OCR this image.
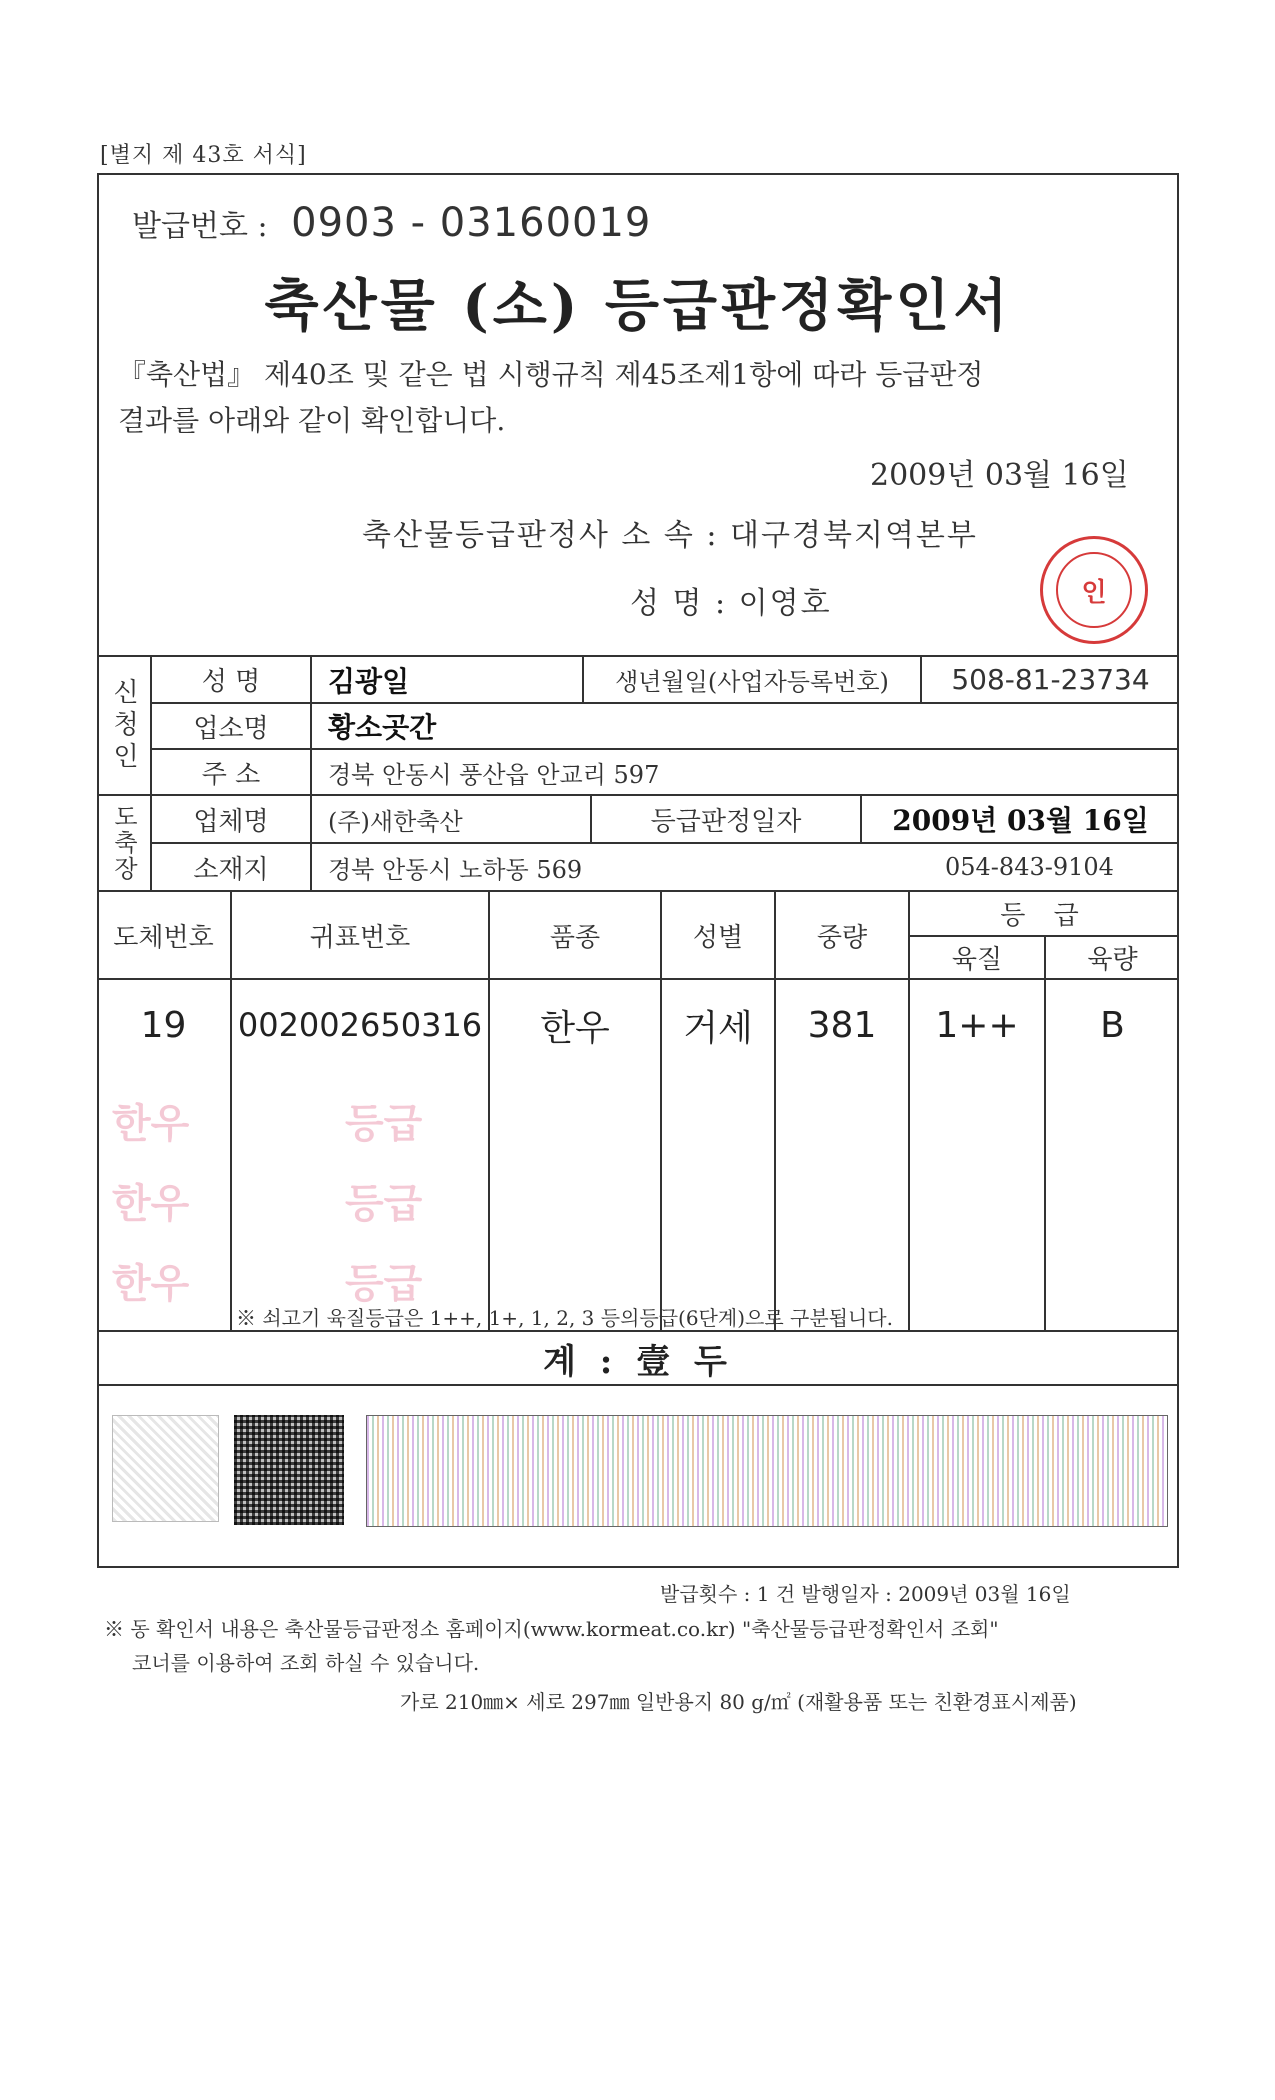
[별지 제 43호 서식]
발급번호 : 0903 - 03160019
축산물 (소) 등급판정확인서
『축산법』 제40조 및 같은 법 시행규칙 제45조제1항에 따라 등급판정
결과를 아래와 같이 확인합니다.
2009년 03월 16일
축산물등급판정사 소 속 : 대구경북지역본부
성 명 : 이영호	인
신청인	성 명	김광일	생년월일(사업자등록번호)	508-81-23734
업소명	황소곳간
주 소	경북 안동시 풍산읍 안교리 597
도축장	업체명	(주)새한축산	등급판정일자	2009년 03월 16일
소재지	경북 안동시 노하동 569	054-843-9104
도체번호	귀표번호	품종	성별	중량
등 급
육질	육량
19	002002650316	한우	거세	381	1++	B
한우	등급
한우	등급
한우	등급
※ 쇠고기 육질등급은 1++, 1+, 1, 2, 3 등의등급(6단계)으로 구분됩니다.
계 : 壹 두
발급횟수 : 1 건 발행일자 : 2009년 03월 16일
※ 동 확인서 내용은 축산물등급판정소 홈페이지(www.kormeat.co.kr) "축산물등급판정확인서 조회"
코너를 이용하여 조회 하실 수 있습니다.
가로 210㎜× 세로 297㎜ 일반용지 80 g/㎡ (재활용품 또는 친환경표시제품)
